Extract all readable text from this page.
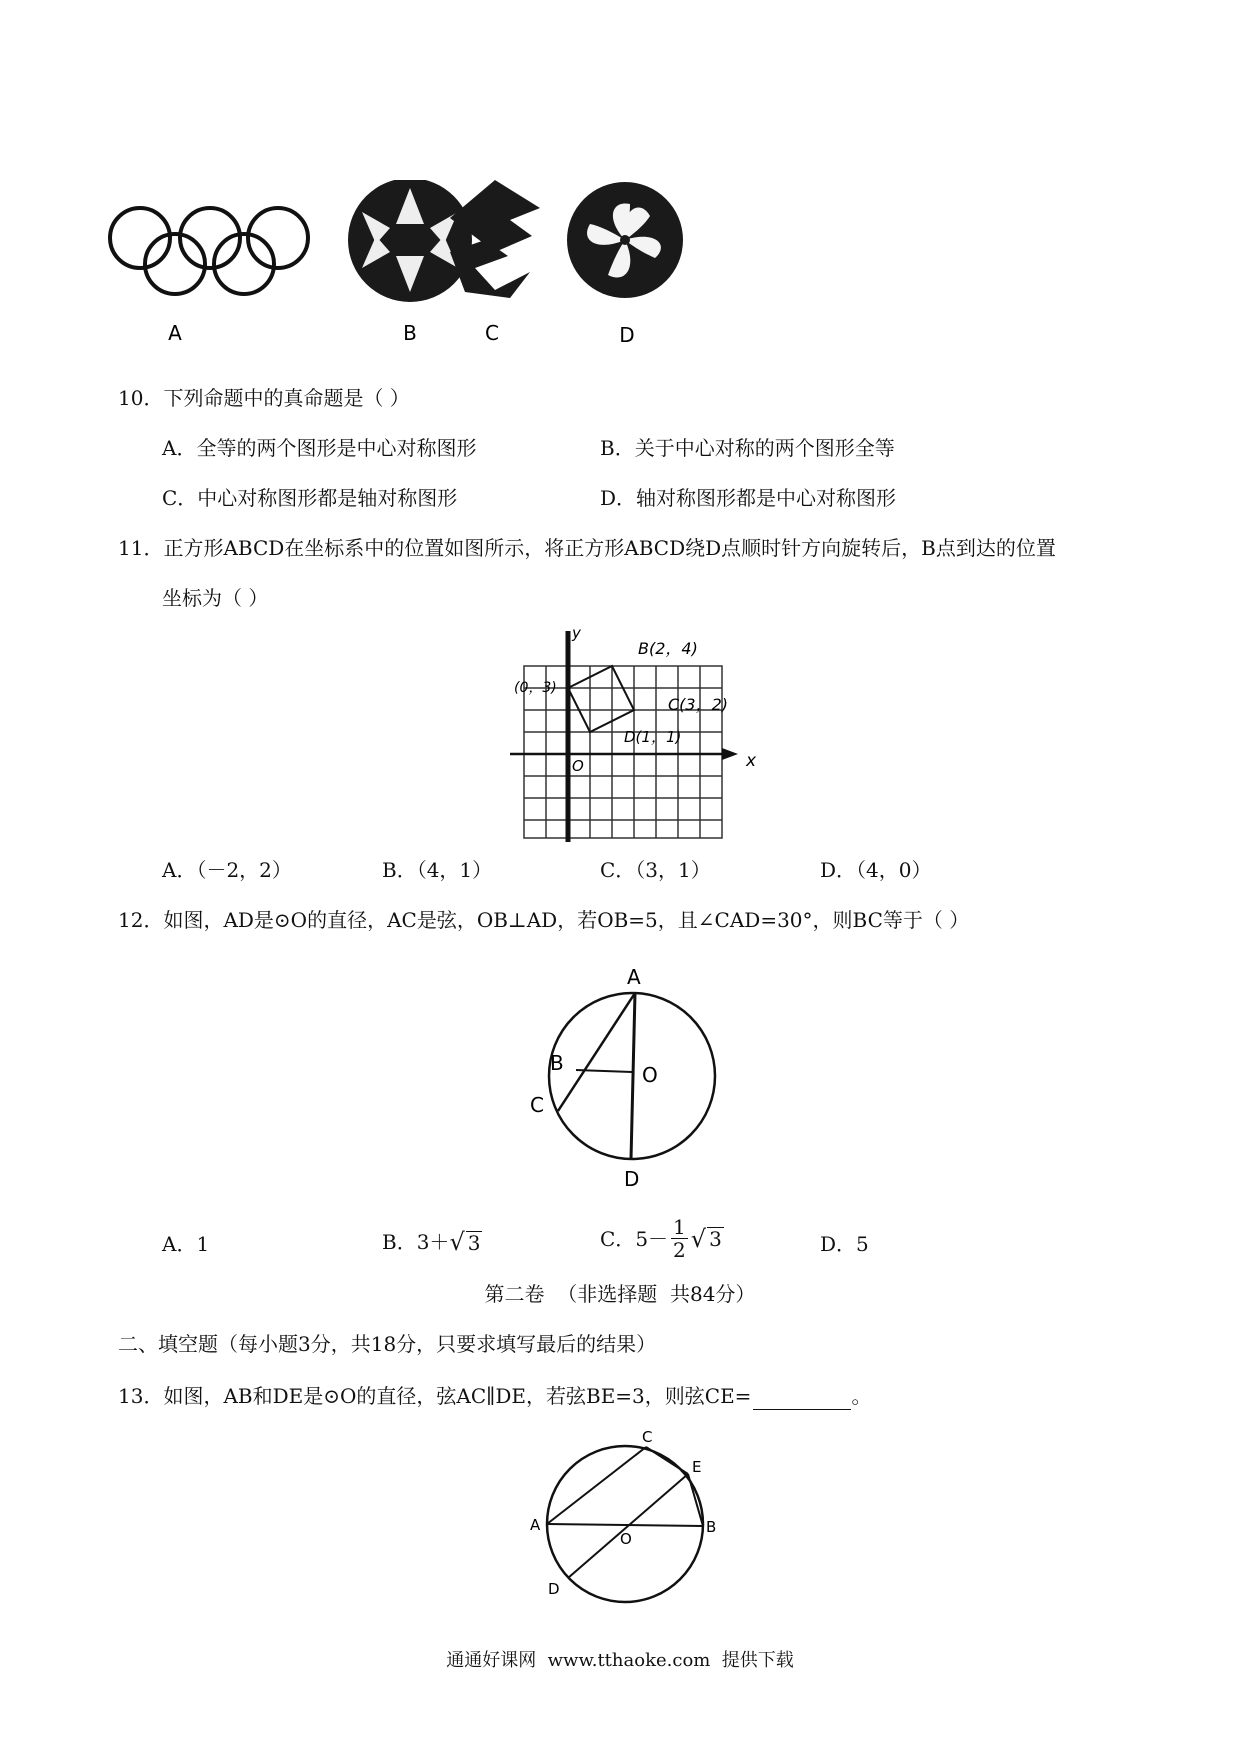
A	B	C	D
10．下列命题中的真命题是（ ）
A．全等的两个图形是中心对称图形	B．关于中心对称的两个图形全等
C．中心对称图形都是轴对称图形	D．轴对称图形都是中心对称图形
11．正方形ABCD在坐标系中的位置如图所示，将正方形ABCD绕D点顺时针方向旋转后，B点到达的位置
坐标为（ ）
y
x
O
(0，3)
B(2，4)
C(3，2)
D(1，1)
A．（－2，2）	B．（4，1）	C．（3，1）	D．（4，0）
12．如图，AD是⊙O的直径，AC是弦，OB⊥AD，若OB=5，且∠CAD=30°，则BC等于（ ）
A
B
C
D
O
A．1	B． 3＋ √ 3	C． $5- \frac{1}{2}$ √ 3	D．5
第二卷  （非选择题  共84分）
二、填空题（每小题3分，共18分，只要求填写最后的结果）
13．如图，AB和DE是⊙O的直径，弦AC∥DE，若弦BE=3，则弦CE=	。
A	B
C
D
E
O
通通好课网  www.tthaoke.com  提供下载
